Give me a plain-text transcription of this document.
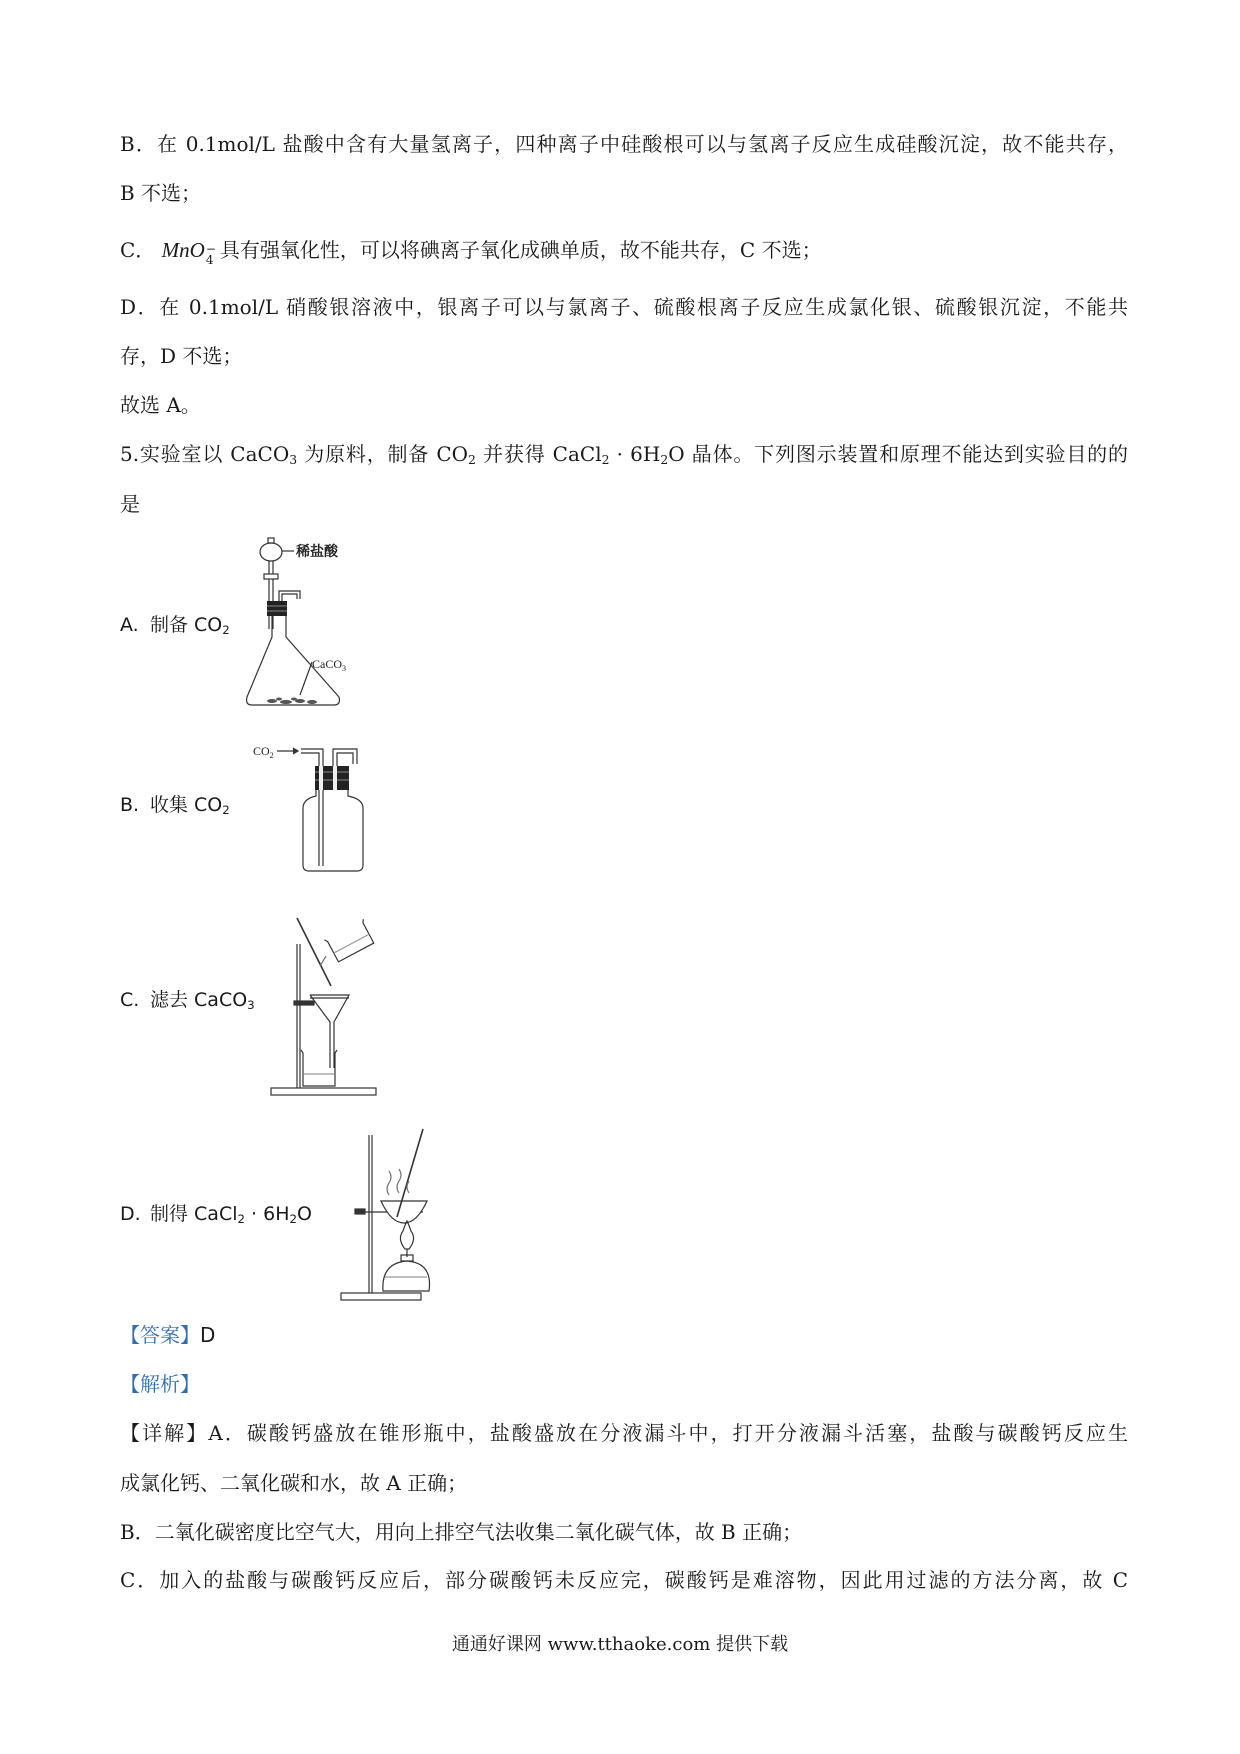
B．在 0.1mol/L 盐酸中含有大量氢离子，四种离子中硅酸根可以与氢离子反应生成硅酸沉淀，故不能共存，
B 不选；
C． MnO −
4 具有强氧化性，可以将碘离子氧化成碘单质，故不能共存，C 不选；
D．在 0.1mol/L 硝酸银溶液中，银离子可以与氯离子、硫酸根离子反应生成氯化银、硫酸银沉淀，不能共
存，D 不选；
故选 A。
5.实验室以 CaCO$_3$ 为原料，制备 $CO_2$ 并获得 CaCl$_2$ · $6H_2O$ 晶体。下列图示装置和原理不能达到实验目的的
是
A. 制备 $CO_2$
稀盐酸
CaCO$_3$
B. 收集 $CO_2$
$CO_2$
C. 滤去 CaCO$_3$
D. 制得 CaCl$_2$ · $6H_2O$
【答案】D
【解析】
【详解】A．碳酸钙盛放在锥形瓶中，盐酸盛放在分液漏斗中，打开分液漏斗活塞，盐酸与碳酸钙反应生
成氯化钙、二氧化碳和水，故 A 正确；
B．二氧化碳密度比空气大，用向上排空气法收集二氧化碳气体，故 B 正确；
C．加入的盐酸与碳酸钙反应后，部分碳酸钙未反应完，碳酸钙是难溶物，因此用过滤的方法分离，故 C
通通好课网 www.tthaoke.com 提供下载
